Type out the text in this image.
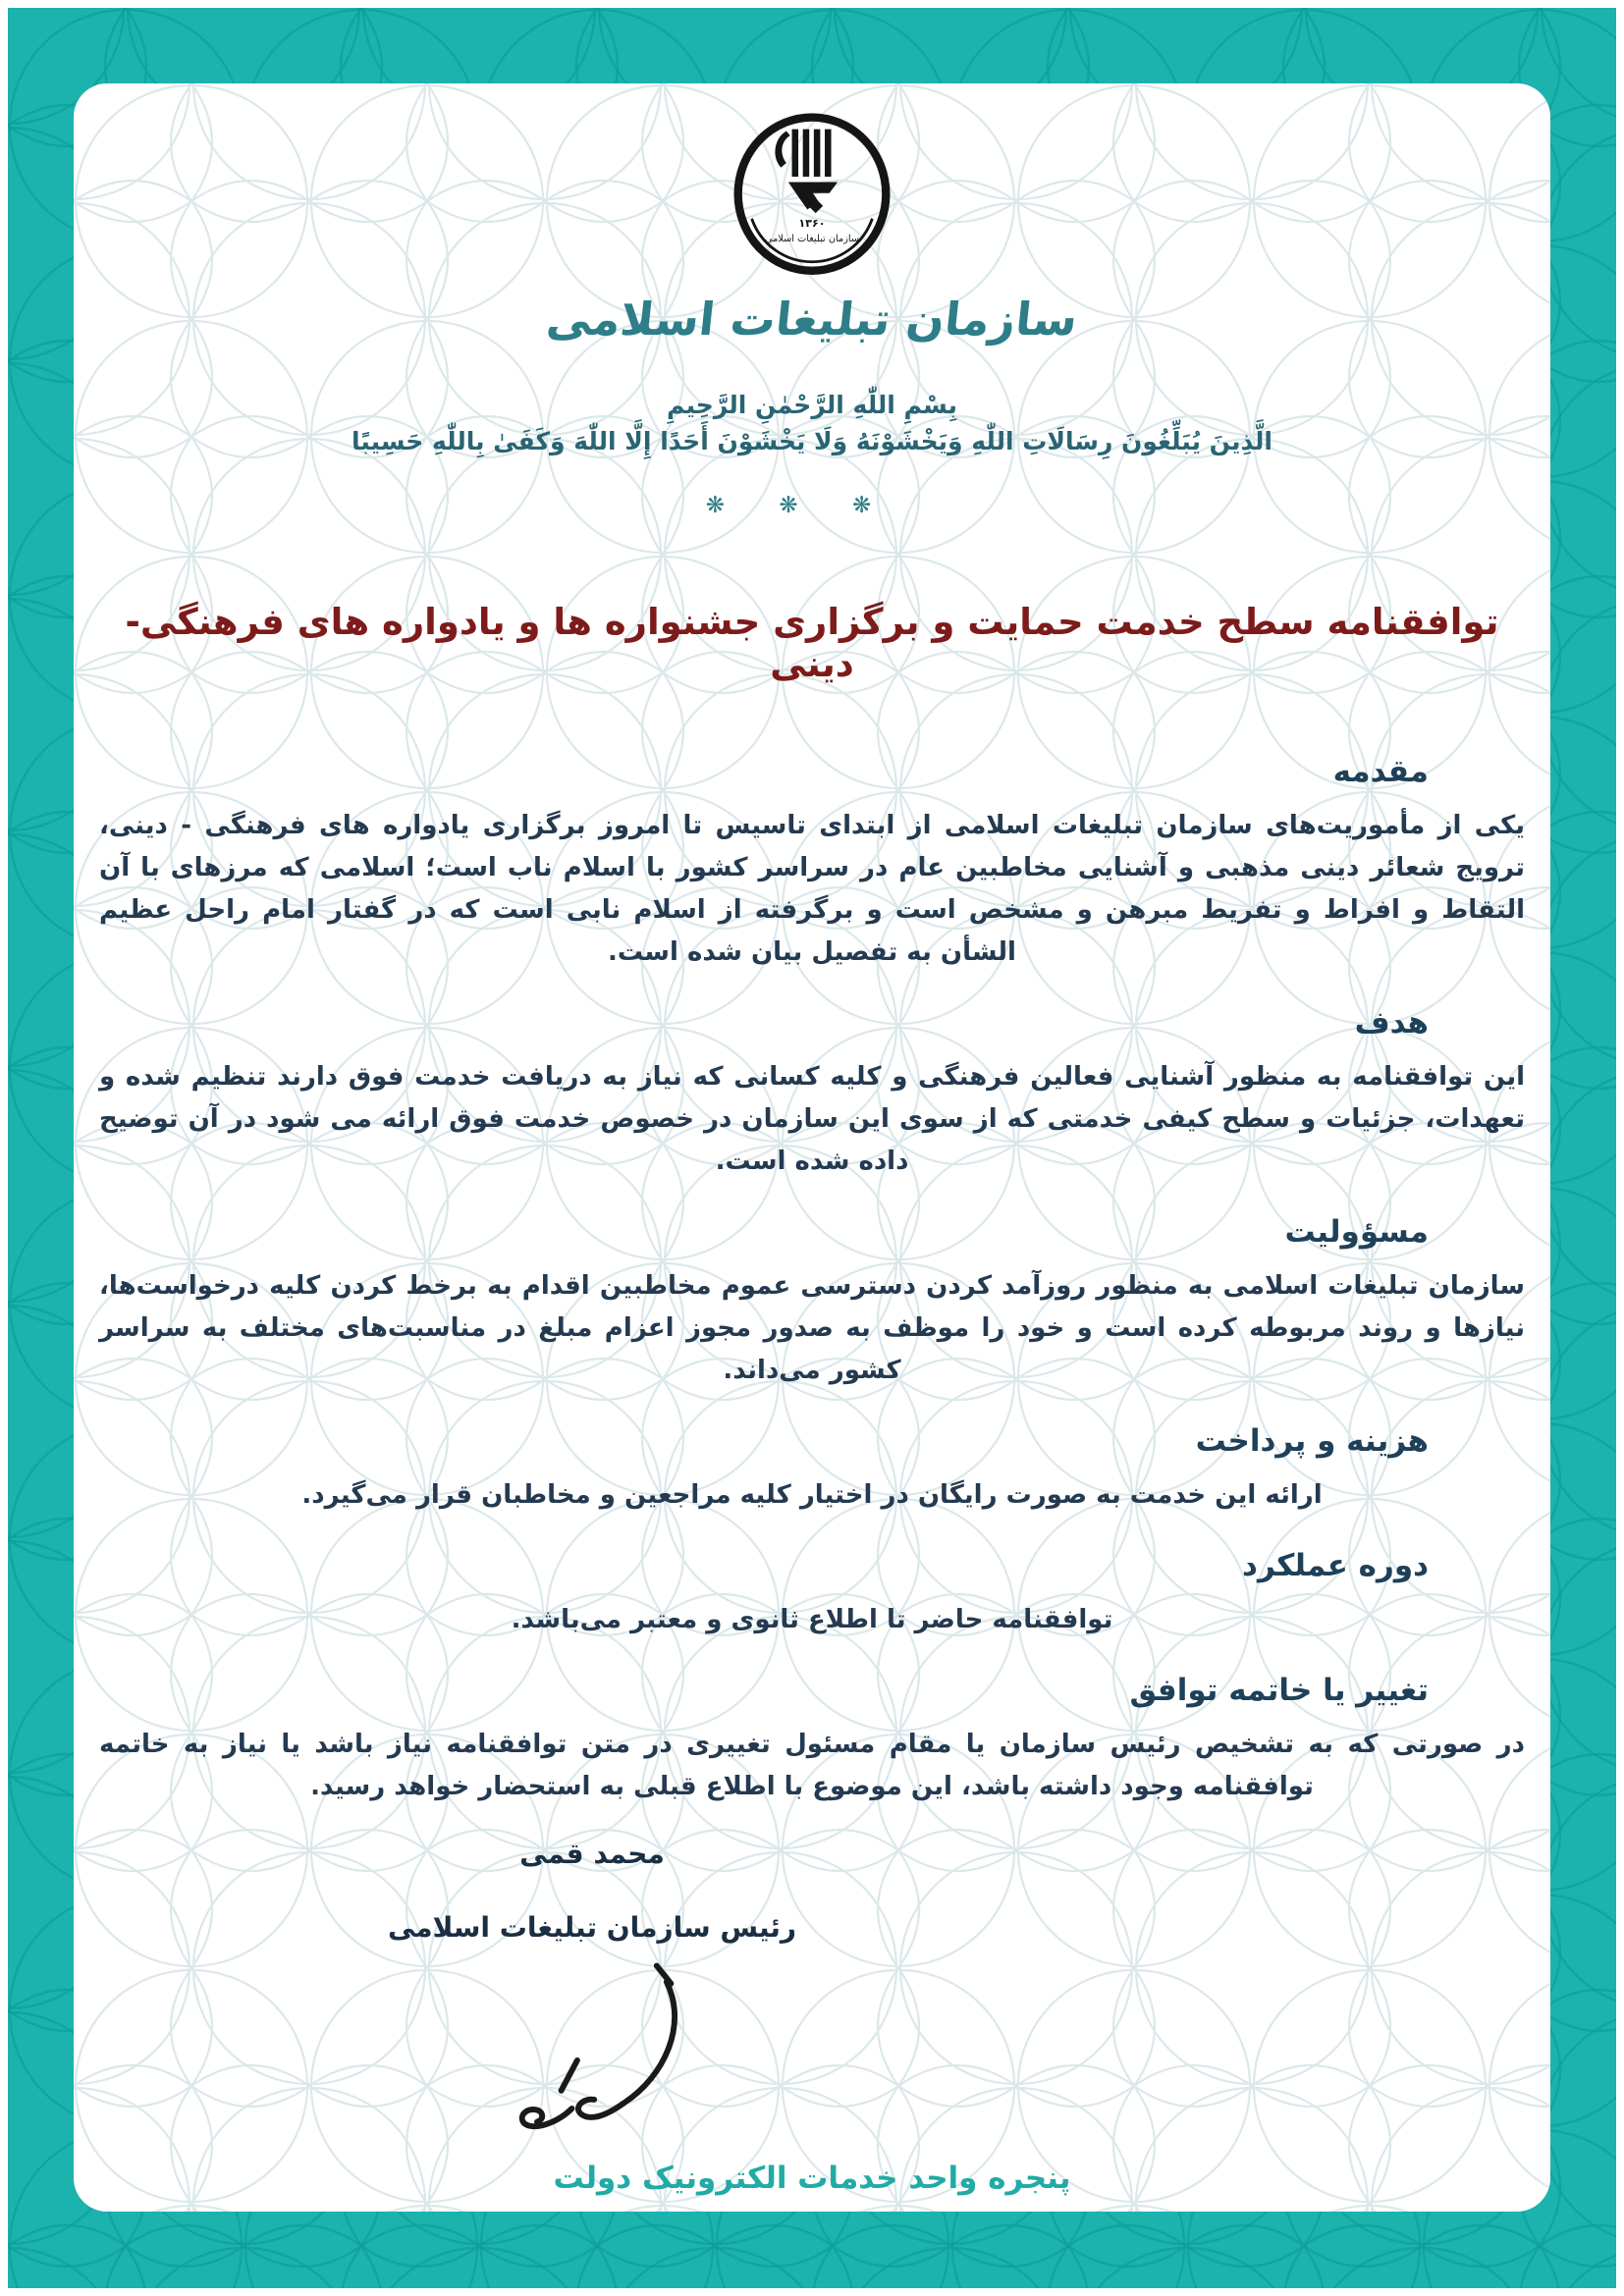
۱۳۶۰
سازمان تبلیغات اسلامی
سازمان تبلیغات اسلامی
بِسْمِ اللّٰهِ الرَّحْمٰنِ الرَّحِیمِ
الَّذِینَ یُبَلِّغُونَ رِسَالَاتِ اللّٰهِ وَیَخْشَوْنَهُ وَلَا یَخْشَوْنَ أَحَدًا إِلَّا اللّٰهَ وَکَفَیٰ بِاللّٰهِ حَسِیبًا
❋ ❋ ❋
توافقنامه سطح خدمت حمایت و برگزاری جشنواره ها و یادواره های فرهنگی-دینی
مقدمه

یکی از مأموریت‌های سازمان تبلیغات اسلامی از ابتدای تاسیس تا امروز برگزاری یادواره های فرهنگی - دینی، ترویج شعائر دینی مذهبی و آشنایی مخاطبین عام در سراسر کشور با اسلام ناب است؛ اسلامی که مرزهای با آن التقاط و افراط و تفریط مبرهن و مشخص است و برگرفته از اسلام نابی است که در گفتار امام راحل عظیم الشأن به تفصیل بیان شده است.

هدف

این توافقنامه به منظور آشنایی فعالین فرهنگی و کلیه کسانی که نیاز به دریافت خدمت فوق دارند تنظیم شده و تعهدات، جزئیات و سطح کیفی خدمتی که از سوی این سازمان در خصوص خدمت فوق ارائه می شود در آن توضیح داده شده است.

مسؤولیت

سازمان تبلیغات اسلامی به منظور روزآمد کردن دسترسی عموم مخاطبین اقدام به برخط کردن کلیه درخواست‌ها، نیازها و روند مربوطه کرده است و خود را موظف به صدور مجوز اعزام مبلغ در مناسبت‌های مختلف به سراسر کشور می‌داند.

هزینه و پرداخت

ارائه این خدمت به صورت رایگان در اختیار کلیه مراجعین و مخاطبان قرار می‌گیرد.

دوره عملکرد

توافقنامه حاضر تا اطلاع ثانوی و معتبر می‌باشد.

تغییر یا خاتمه توافق

در صورتی که به تشخیص رئیس سازمان یا مقام مسئول تغییری در متن توافقنامه نیاز باشد یا نیاز به خاتمه توافقنامه وجود داشته باشد، این موضوع با اطلاع قبلی به استحضار خواهد رسید.

محمد قمی
رئیس سازمان تبلیغات اسلامی
پنجره واحد خدمات الکترونیک دولت
